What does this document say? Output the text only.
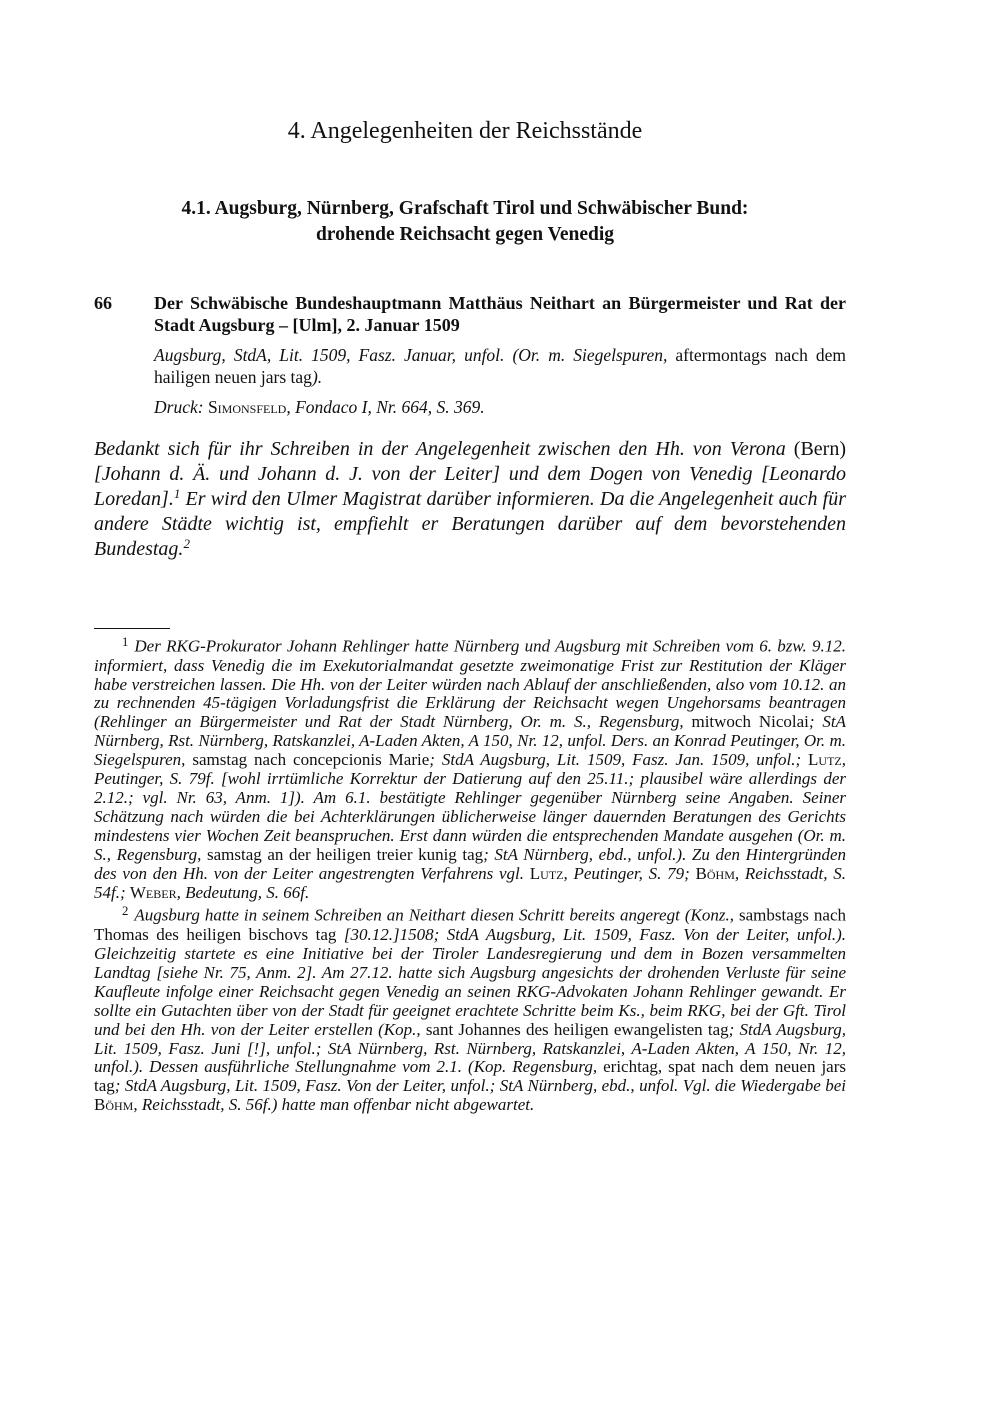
4. Angelegenheiten der Reichsstände
4.1. Augsburg, Nürnberg, Grafschaft Tirol und Schwäbischer Bund:
drohende Reichsacht gegen Venedig
66 Der Schwäbische Bundeshauptmann Matthäus Neithart an Bürgermeister und Rat der Stadt Augsburg – [Ulm], 2. Januar 1509
Augsburg, StdA, Lit. 1509, Fasz. Januar, unfol. (Or. m. Siegelspuren, aftermontags nach dem hailigen neuen jars tag).
Druck: Simonsfeld, Fondaco I, Nr. 664, S. 369.
Bedankt sich für ihr Schreiben in der Angelegenheit zwischen den Hh. von Verona (Bern) [Johann d. Ä. und Johann d. J. von der Leiter] und dem Dogen von Venedig [Leonardo Loredan].$^1$ Er wird den Ulmer Magistrat darüber informieren. Da die Angelegenheit auch für andere Städte wichtig ist, empfiehlt er Beratungen darüber auf dem bevorstehenden Bundestag.$^2$

$^1$ Der RKG-Prokurator Johann Rehlinger hatte Nürnberg und Augsburg mit Schreiben vom 6. bzw. 9.12. informiert, dass Venedig die im Exekutorialmandat gesetzte zweimonatige Frist zur Restitution der Kläger habe verstreichen lassen. Die Hh. von der Leiter würden nach Ablauf der anschließenden, also vom 10.12. an zu rechnenden 45-tägigen Vorladungsfrist die Erklärung der Reichsacht wegen Ungehorsams beantragen (Rehlinger an Bürgermeister und Rat der Stadt Nürnberg, Or. m. S., Regensburg, mitwoch Nicolai; StA Nürnberg, Rst. Nürnberg, Ratskanzlei, A-Laden Akten, A 150, Nr. 12, unfol. Ders. an Konrad Peutinger, Or. m. Siegelspuren, samstag nach concepcionis Marie; StdA Augsburg, Lit. 1509, Fasz. Jan. 1509, unfol.; Lutz, Peutinger, S. 79f. [wohl irrtümliche Korrektur der Datierung auf den 25.11.; plausibel wäre allerdings der 2.12.; vgl. Nr. 63, Anm. 1]). Am 6.1. bestätigte Rehlinger gegenüber Nürnberg seine Angaben. Seiner Schätzung nach würden die bei Achterklärungen üblicherweise länger dauernden Beratungen des Gerichts mindestens vier Wochen Zeit beanspruchen. Erst dann würden die entsprechenden Mandate ausgehen (Or. m. S., Regensburg, samstag an der heiligen treier kunig tag; StA Nürnberg, ebd., unfol.). Zu den Hintergründen des von den Hh. von der Leiter angestrengten Verfahrens vgl. Lutz, Peutinger, S. 79; Böhm, Reichsstadt, S. 54f.; Weber, Bedeutung, S. 66f.

$^2$ Augsburg hatte in seinem Schreiben an Neithart diesen Schritt bereits angeregt (Konz., sambstags nach Thomas des heiligen bischovs tag [30.12.]1508; StdA Augsburg, Lit. 1509, Fasz. Von der Leiter, unfol.). Gleichzeitig startete es eine Initiative bei der Tiroler Landesregierung und dem in Bozen versammelten Landtag [siehe Nr. 75, Anm. 2]. Am 27.12. hatte sich Augsburg angesichts der drohenden Verluste für seine Kaufleute infolge einer Reichsacht gegen Venedig an seinen RKG-Advokaten Johann Rehlinger gewandt. Er sollte ein Gutachten über von der Stadt für geeignet erachtete Schritte beim Ks., beim RKG, bei der Gft. Tirol und bei den Hh. von der Leiter erstellen (Kop., sant Johannes des heiligen ewangelisten tag; StdA Augsburg, Lit. 1509, Fasz. Juni [!], unfol.; StA Nürnberg, Rst. Nürnberg, Ratskanzlei, A-Laden Akten, A 150, Nr. 12, unfol.). Dessen ausführliche Stellungnahme vom 2.1. (Kop. Regensburg, erichtag, spat nach dem neuen jars tag; StdA Augsburg, Lit. 1509, Fasz. Von der Leiter, unfol.; StA Nürnberg, ebd., unfol. Vgl. die Wiedergabe bei Böhm, Reichsstadt, S. 56f.) hatte man offenbar nicht abgewartet.
